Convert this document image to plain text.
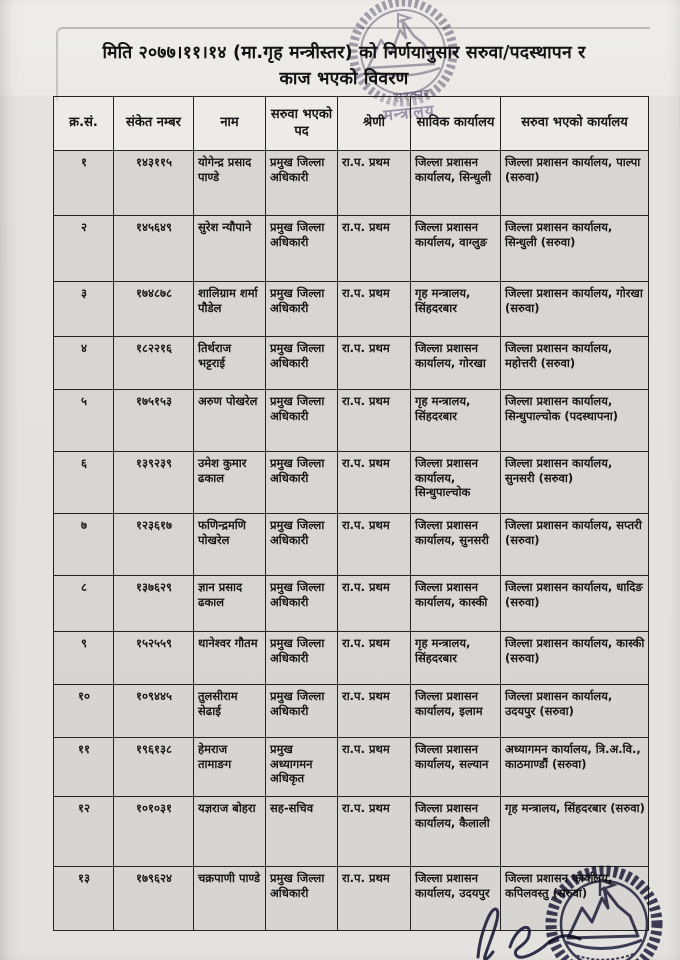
मिति २०७७।११।१४ (मा.गृह मन्त्रीस्तर) को निर्णयानुसार सरुवा/पदस्थापन र
काज भएको विवरण
सरकार
मन्त्रालय
क्र.सं.	संकेत नम्बर	नाम	सरुवा भएको पद	श्रेणी	साविक कार्यालय	सरुवा भएको कार्यालय
१	१४३११५	योगेन्द्र प्रसाद पाण्डे	प्रमुख जिल्ला अधिकारी	रा.प. प्रथम	जिल्ला प्रशासन कार्यालय, सिन्धुली	जिल्ला प्रशासन कार्यालय, पाल्पा (सरुवा)
२	१४५६४९	सुरेश न्यौपाने	प्रमुख जिल्ला अधिकारी	रा.प. प्रथम	जिल्ला प्रशासन कार्यालय, वाग्लुङ	जिल्ला प्रशासन कार्यालय, सिन्धुली (सरुवा)
३	१७४८७८	शालिग्राम शर्मा पौडेल	प्रमुख जिल्ला अधिकारी	रा.प. प्रथम	गृह मन्त्रालय, सिंहदरबार	जिल्ला प्रशासन कार्यालय, गोरखा (सरुवा)
४	१८२२१६	तिर्थराज भट्टराई	प्रमुख जिल्ला अधिकारी	रा.प. प्रथम	जिल्ला प्रशासन कार्यालय, गोरखा	जिल्ला प्रशासन कार्यालय, महोत्तरी (सरुवा)
५	१७५१५३	अरुण पोखरेल	प्रमुख जिल्ला अधिकारी	रा.प. प्रथम	गृह मन्त्रालय, सिंहदरबार	जिल्ला प्रशासन कार्यालय, सिन्धुपाल्चोक (पदस्थापना)
६	१३९२३९	उमेश कुमार ढकाल	प्रमुख जिल्ला अधिकारी	रा.प. प्रथम	जिल्ला प्रशासन कार्यालय, सिन्धुपाल्चोक	जिल्ला प्रशासन कार्यालय, सुनसरी (सरुवा)
७	१२३६१७	फणिन्द्रमणि पोखरेल	प्रमुख जिल्ला अधिकारी	रा.प. प्रथम	जिल्ला प्रशासन कार्यालय, सुनसरी	जिल्ला प्रशासन कार्यालय, सप्तरी (सरुवा)
८	१३७६२९	ज्ञान प्रसाद ढकाल	प्रमुख जिल्ला अधिकारी	रा.प. प्रथम	जिल्ला प्रशासन कार्यालय, कास्की	जिल्ला प्रशासन कार्यालय, धादिङ (सरुवा)
९	१५२५५९	थानेश्वर गौतम	प्रमुख जिल्ला अधिकारी	रा.प. प्रथम	गृह मन्त्रालय, सिंहदरबार	जिल्ला प्रशासन कार्यालय, कास्की (सरुवा)
१०	१०९४४५	तुलसीराम सेढाई	प्रमुख जिल्ला अधिकारी	रा.प. प्रथम	जिल्ला प्रशासन कार्यालय, इलाम	जिल्ला प्रशासन कार्यालय, उदयपुर (सरुवा)
११	१९६१३८	हेमराज तामाङग	प्रमुख अध्यागमन अधिकृत	रा.प. प्रथम	जिल्ला प्रशासन कार्यालय, सल्यान	अध्यागमन कार्यालय, त्रि.अ.वि., काठमाण्डौं (सरुवा)
१२	१०१०३१	यज्ञराज बोहरा	सह-सचिव	रा.प. प्रथम	जिल्ला प्रशासन कार्यालय, कैलाली	गृह मन्त्रालय, सिंहदरबार (सरुवा)
१३	१७९६२४	चक्रपाणी पाण्डे	प्रमुख जिल्ला अधिकारी	रा.प. प्रथम	जिल्ला प्रशासन कार्यालय, उदयपुर	जिल्ला प्रशासन कार्यालय, कपिलवस्तु (सरुवा)
